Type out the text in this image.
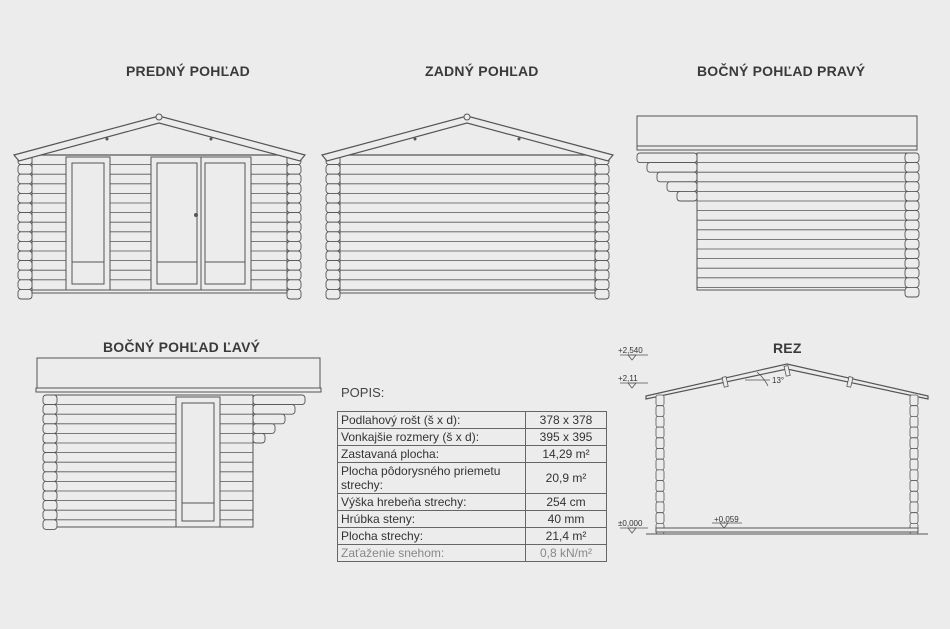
PREDNÝ POHĽAD	ZADNÝ POHĽAD	BOČNÝ POHĽAD PRAVÝ
BOČNÝ POHĽAD ĽAVÝ	REZ
+2,540
+2,11
±0,000	+0,059
13°
POPIS:
Podlahový rošt (š x d):	378 x 378
Vonkajšie rozmery (š x d):	395 x 395
Zastavaná plocha:	14,29 m²
Plocha pôdorysného priemetu strechy:	20,9 m²
Výška hrebeňa strechy:	254 cm
Hrúbka steny:	40 mm
Plocha strechy:	21,4 m²
Zaťaženie snehom:	0,8 kN/m²
